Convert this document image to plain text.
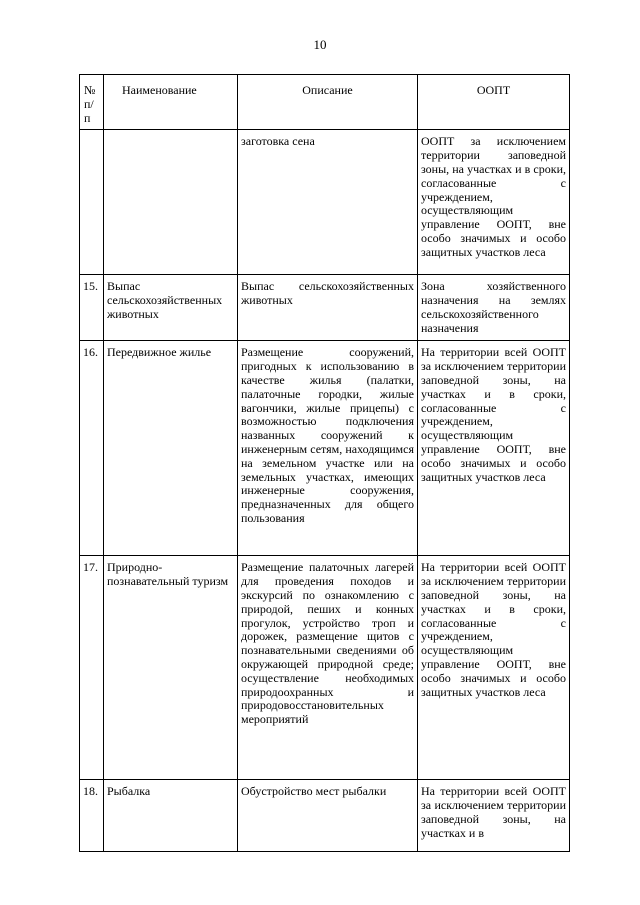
10
№ п/п	Наименование	Описание	ООПТ
		заготовка сена	ООПТ за исключением территории заповедной зоны, на участках и в сроки, согласованные с учреждением, осуществляющим управление ООПТ, вне особо значимых и особо защитных участков леса
15.	Выпас сельскохозяйственных животных	Выпас сельскохозяйственных животных	Зона хозяйственного назначения на землях сельскохозяйственного назначения
16.	Передвижное жилье	Размещение сооружений, пригодных к использованию в качестве жилья (палатки, палаточные городки, жилые вагончики, жилые прицепы) с возможностью подключения названных сооружений к инженерным сетям, находящимся на земельном участке или на земельных участках, имеющих инженерные сооружения, предназначенных для общего пользования	На территории всей ООПТ за исключением территории заповедной зоны, на участках и в сроки, согласованные с учреждением, осуществляющим управление ООПТ, вне особо значимых и особо защитных участков леса
17.	Природно-познавательный туризм	Размещение палаточных лагерей для проведения походов и экскурсий по ознакомлению с природой, пеших и конных прогулок, устройство троп и дорожек, размещение щитов с познавательными сведениями об окружающей природной среде; осуществление необходимых природоохранных и природовосстановительных мероприятий	На территории всей ООПТ за исключением территории заповедной зоны, на участках и в сроки, согласованные с учреждением, осуществляющим управление ООПТ, вне особо значимых и особо защитных участков леса
18.	Рыбалка	Обустройство мест рыбалки	На территории всей ООПТ за исключением территории заповедной зоны, на участках и в
